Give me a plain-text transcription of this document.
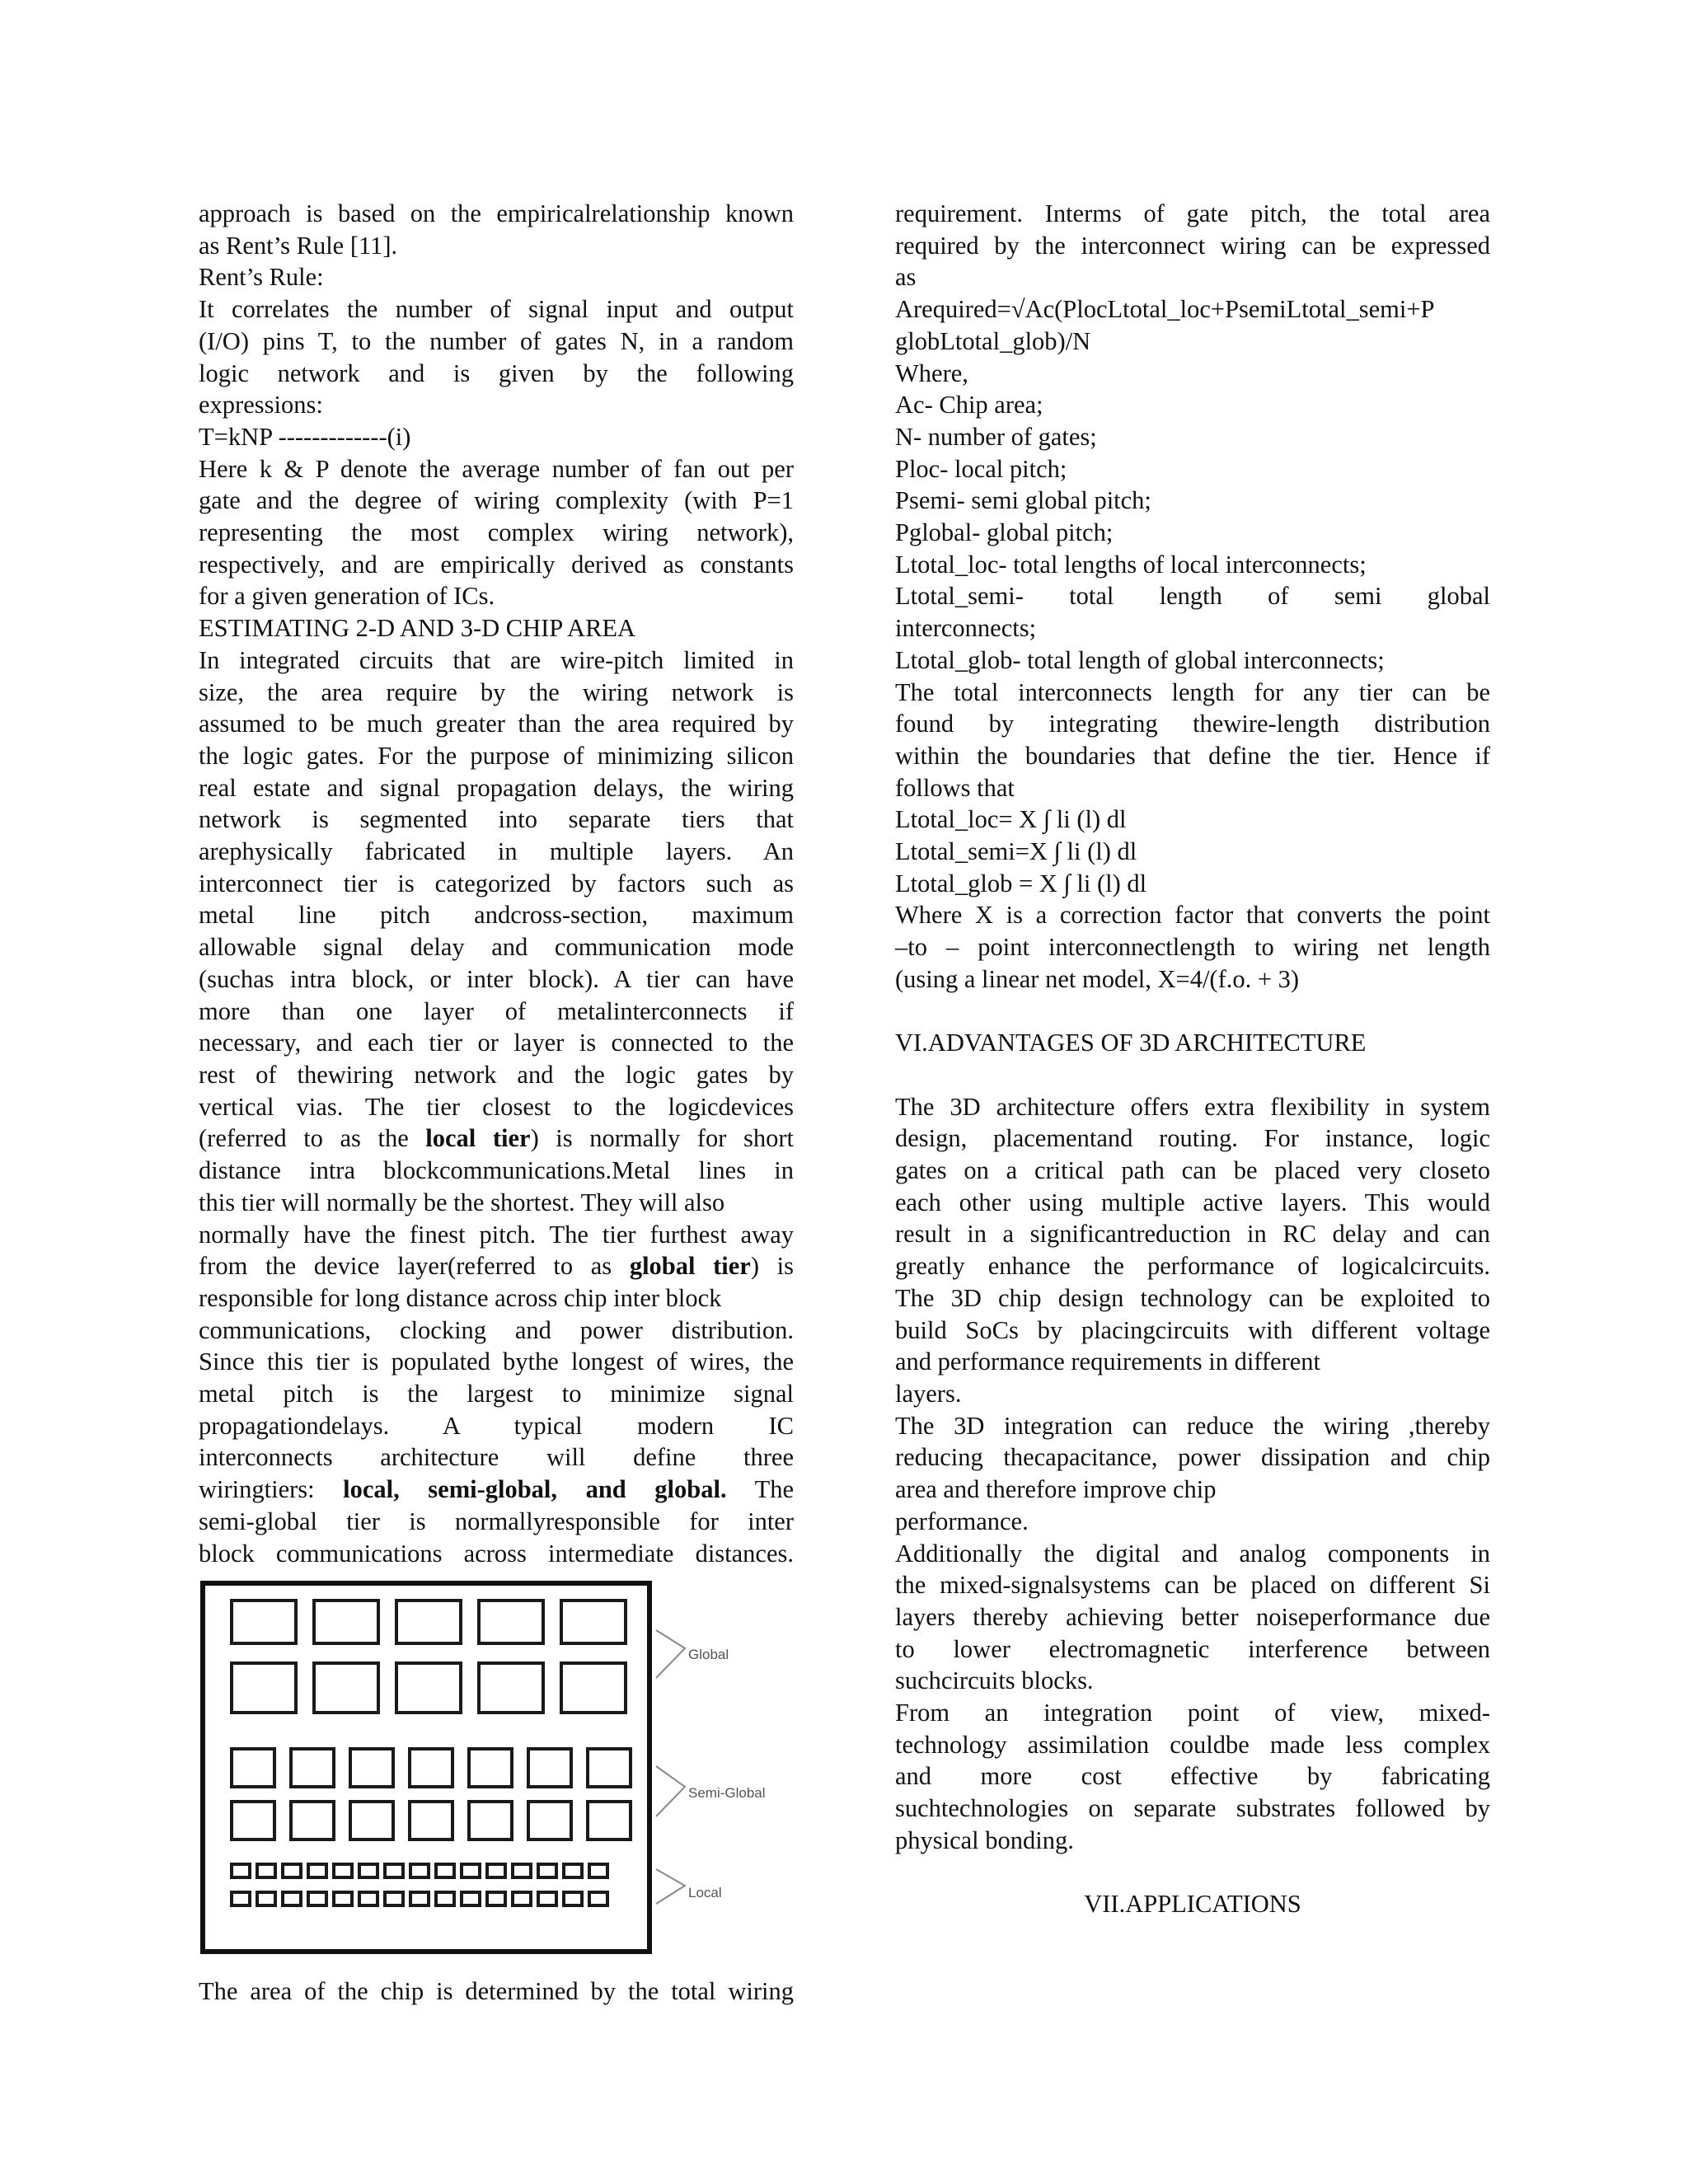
approach is based on the empiricalrelationship known
as Rent’s Rule [11].
Rent’s Rule:
It correlates the number of signal input and output
(I/O) pins T, to the number of gates N, in a random
logic network and is given by the following
expressions:
T=kNP -------------(i)
Here k & P denote the average number of fan out per
gate and the degree of wiring complexity (with P=1
representing the most complex wiring network),
respectively, and are empirically derived as constants
for a given generation of ICs.
ESTIMATING 2-D AND 3-D CHIP AREA
In integrated circuits that are wire-pitch limited in
size, the area require by the wiring network is
assumed to be much greater than the area required by
the logic gates. For the purpose of minimizing silicon
real estate and signal propagation delays, the wiring
network is segmented into separate tiers that
arephysically fabricated in multiple layers. An
interconnect tier is categorized by factors such as
metal line pitch andcross-section, maximum
allowable signal delay and communication mode
(suchas intra block, or inter block). A tier can have
more than one layer of metalinterconnects if
necessary, and each tier or layer is connected to the
rest of thewiring network and the logic gates by
vertical vias. The tier closest to the logicdevices
(referred to as the local tier) is normally for short
distance intra blockcommunications.Metal lines in
this tier will normally be the shortest. They will also
normally have the finest pitch. The tier furthest away
from the device layer(referred to as global tier) is
responsible for long distance across chip inter block
communications, clocking and power distribution.
Since this tier is populated bythe longest of wires, the
metal pitch is the largest to minimize signal
propagationdelays. A typical modern IC
interconnects architecture will define three
wiringtiers: local, semi-global, and global. The
semi-global tier is normallyresponsible for inter
block communications across intermediate distances.
Global
Semi-Global
Local
The area of the chip is determined by the total wiring
requirement. Interms of gate pitch, the total area
required by the interconnect wiring can be expressed
as
Arequired=√Ac(PlocLtotal_loc+PsemiLtotal_semi+P
globLtotal_glob)/N
Where,
Ac- Chip area;
N- number of gates;
Ploc- local pitch;
Psemi- semi global pitch;
Pglobal- global pitch;
Ltotal_loc- total lengths of local interconnects;
Ltotal_semi- total length of semi global
interconnects;
Ltotal_glob- total length of global interconnects;
The total interconnects length for any tier can be
found by integrating thewire-length distribution
within the boundaries that define the tier. Hence if
follows that
Ltotal_loc= X ∫ li (l) dl
Ltotal_semi=X ∫ li (l) dl
Ltotal_glob = X ∫ li (l) dl
Where X is a correction factor that converts the point
–to – point interconnectlength to wiring net length
(using a linear net model, X=4/(f.o. + 3)
VI.ADVANTAGES OF 3D ARCHITECTURE
The 3D architecture offers extra flexibility in system
design, placementand routing. For instance, logic
gates on a critical path can be placed very closeto
each other using multiple active layers. This would
result in a significantreduction in RC delay and can
greatly enhance the performance of logicalcircuits.
The 3D chip design technology can be exploited to
build SoCs by placingcircuits with different voltage
and performance requirements in different
layers.
The 3D integration can reduce the wiring ,thereby
reducing thecapacitance, power dissipation and chip
area and therefore improve chip
performance.
Additionally the digital and analog components in
the mixed-signalsystems can be placed on different Si
layers thereby achieving better noiseperformance due
to lower electromagnetic interference between
suchcircuits blocks.
From an integration point of view, mixed-
technology assimilation couldbe made less complex
and more cost effective by fabricating
suchtechnologies on separate substrates followed by
physical bonding.
VII.APPLICATIONS
